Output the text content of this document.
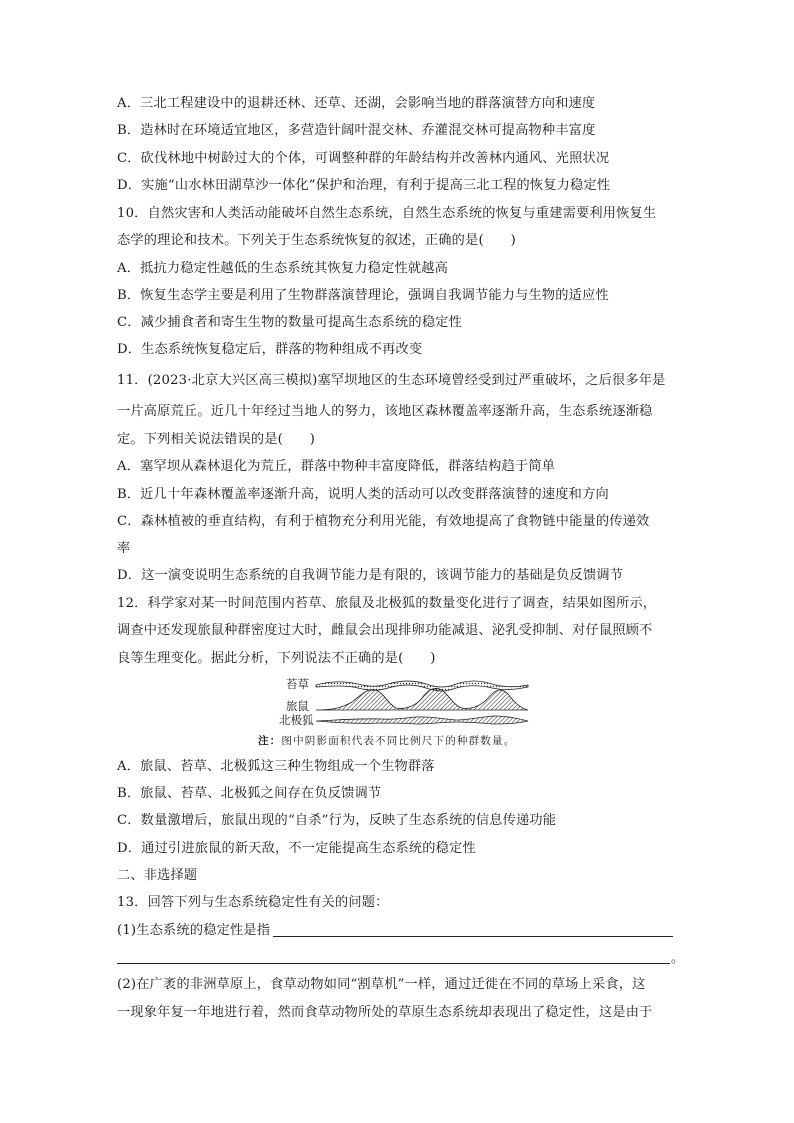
A．三北工程建设中的退耕还林、还草、还湖，会影响当地的群落演替方向和速度
B．造林时在环境适宜地区，多营造针阔叶混交林、乔灌混交林可提高物种丰富度
C．砍伐林地中树龄过大的个体，可调整种群的年龄结构并改善林内通风、光照状况
D．实施“山水林田湖草沙一体化”保护和治理，有利于提高三北工程的恢复力稳定性
10．自然灾害和人类活动能破坏自然生态系统，自然生态系统的恢复与重建需要利用恢复生
态学的理论和技术。下列关于生态系统恢复的叙述，正确的是(　　)
A．抵抗力稳定性越低的生态系统其恢复力稳定性就越高
B．恢复生态学主要是利用了生物群落演替理论，强调自我调节能力与生物的适应性
C．减少捕食者和寄生生物的数量可提高生态系统的稳定性
D．生态系统恢复稳定后，群落的物种组成不再改变
11．(2023·北京大兴区高三模拟)塞罕坝地区的生态环境曾经受到过严重破坏，之后很多年是
一片高原荒丘。近几十年经过当地人的努力，该地区森林覆盖率逐渐升高，生态系统逐渐稳
定。下列相关说法错误的是(　　)
A．塞罕坝从森林退化为荒丘，群落中物种丰富度降低，群落结构趋于简单
B．近几十年森林覆盖率逐渐升高，说明人类的活动可以改变群落演替的速度和方向
C．森林植被的垂直结构，有利于植物充分利用光能，有效地提高了食物链中能量的传递效
率
D．这一演变说明生态系统的自我调节能力是有限的，该调节能力的基础是负反馈调节
12．科学家对某一时间范围内苔草、旅鼠及北极狐的数量变化进行了调查，结果如图所示，
调查中还发现旅鼠种群密度过大时，雌鼠会出现排卵功能减退、泌乳受抑制、对仔鼠照顾不
良等生理变化。据此分析，下列说法不正确的是(　　)
苔草
旅鼠
北极狐
注：图中阴影面积代表不同比例尺下的种群数量。
A．旅鼠、苔草、北极狐这三种生物组成一个生物群落
B．旅鼠、苔草、北极狐之间存在负反馈调节
C．数量激增后，旅鼠出现的“自杀”行为，反映了生态系统的信息传递功能
D．通过引进旅鼠的新天敌，不一定能提高生态系统的稳定性
二、非选择题
13．回答下列与生态系统稳定性有关的问题：
(1)生态系统的稳定性是指
。
(2)在广袤的非洲草原上，食草动物如同“割草机”一样，通过迁徙在不同的草场上采食，这
一现象年复一年地进行着，然而食草动物所处的草原生态系统却表现出了稳定性，这是由于
